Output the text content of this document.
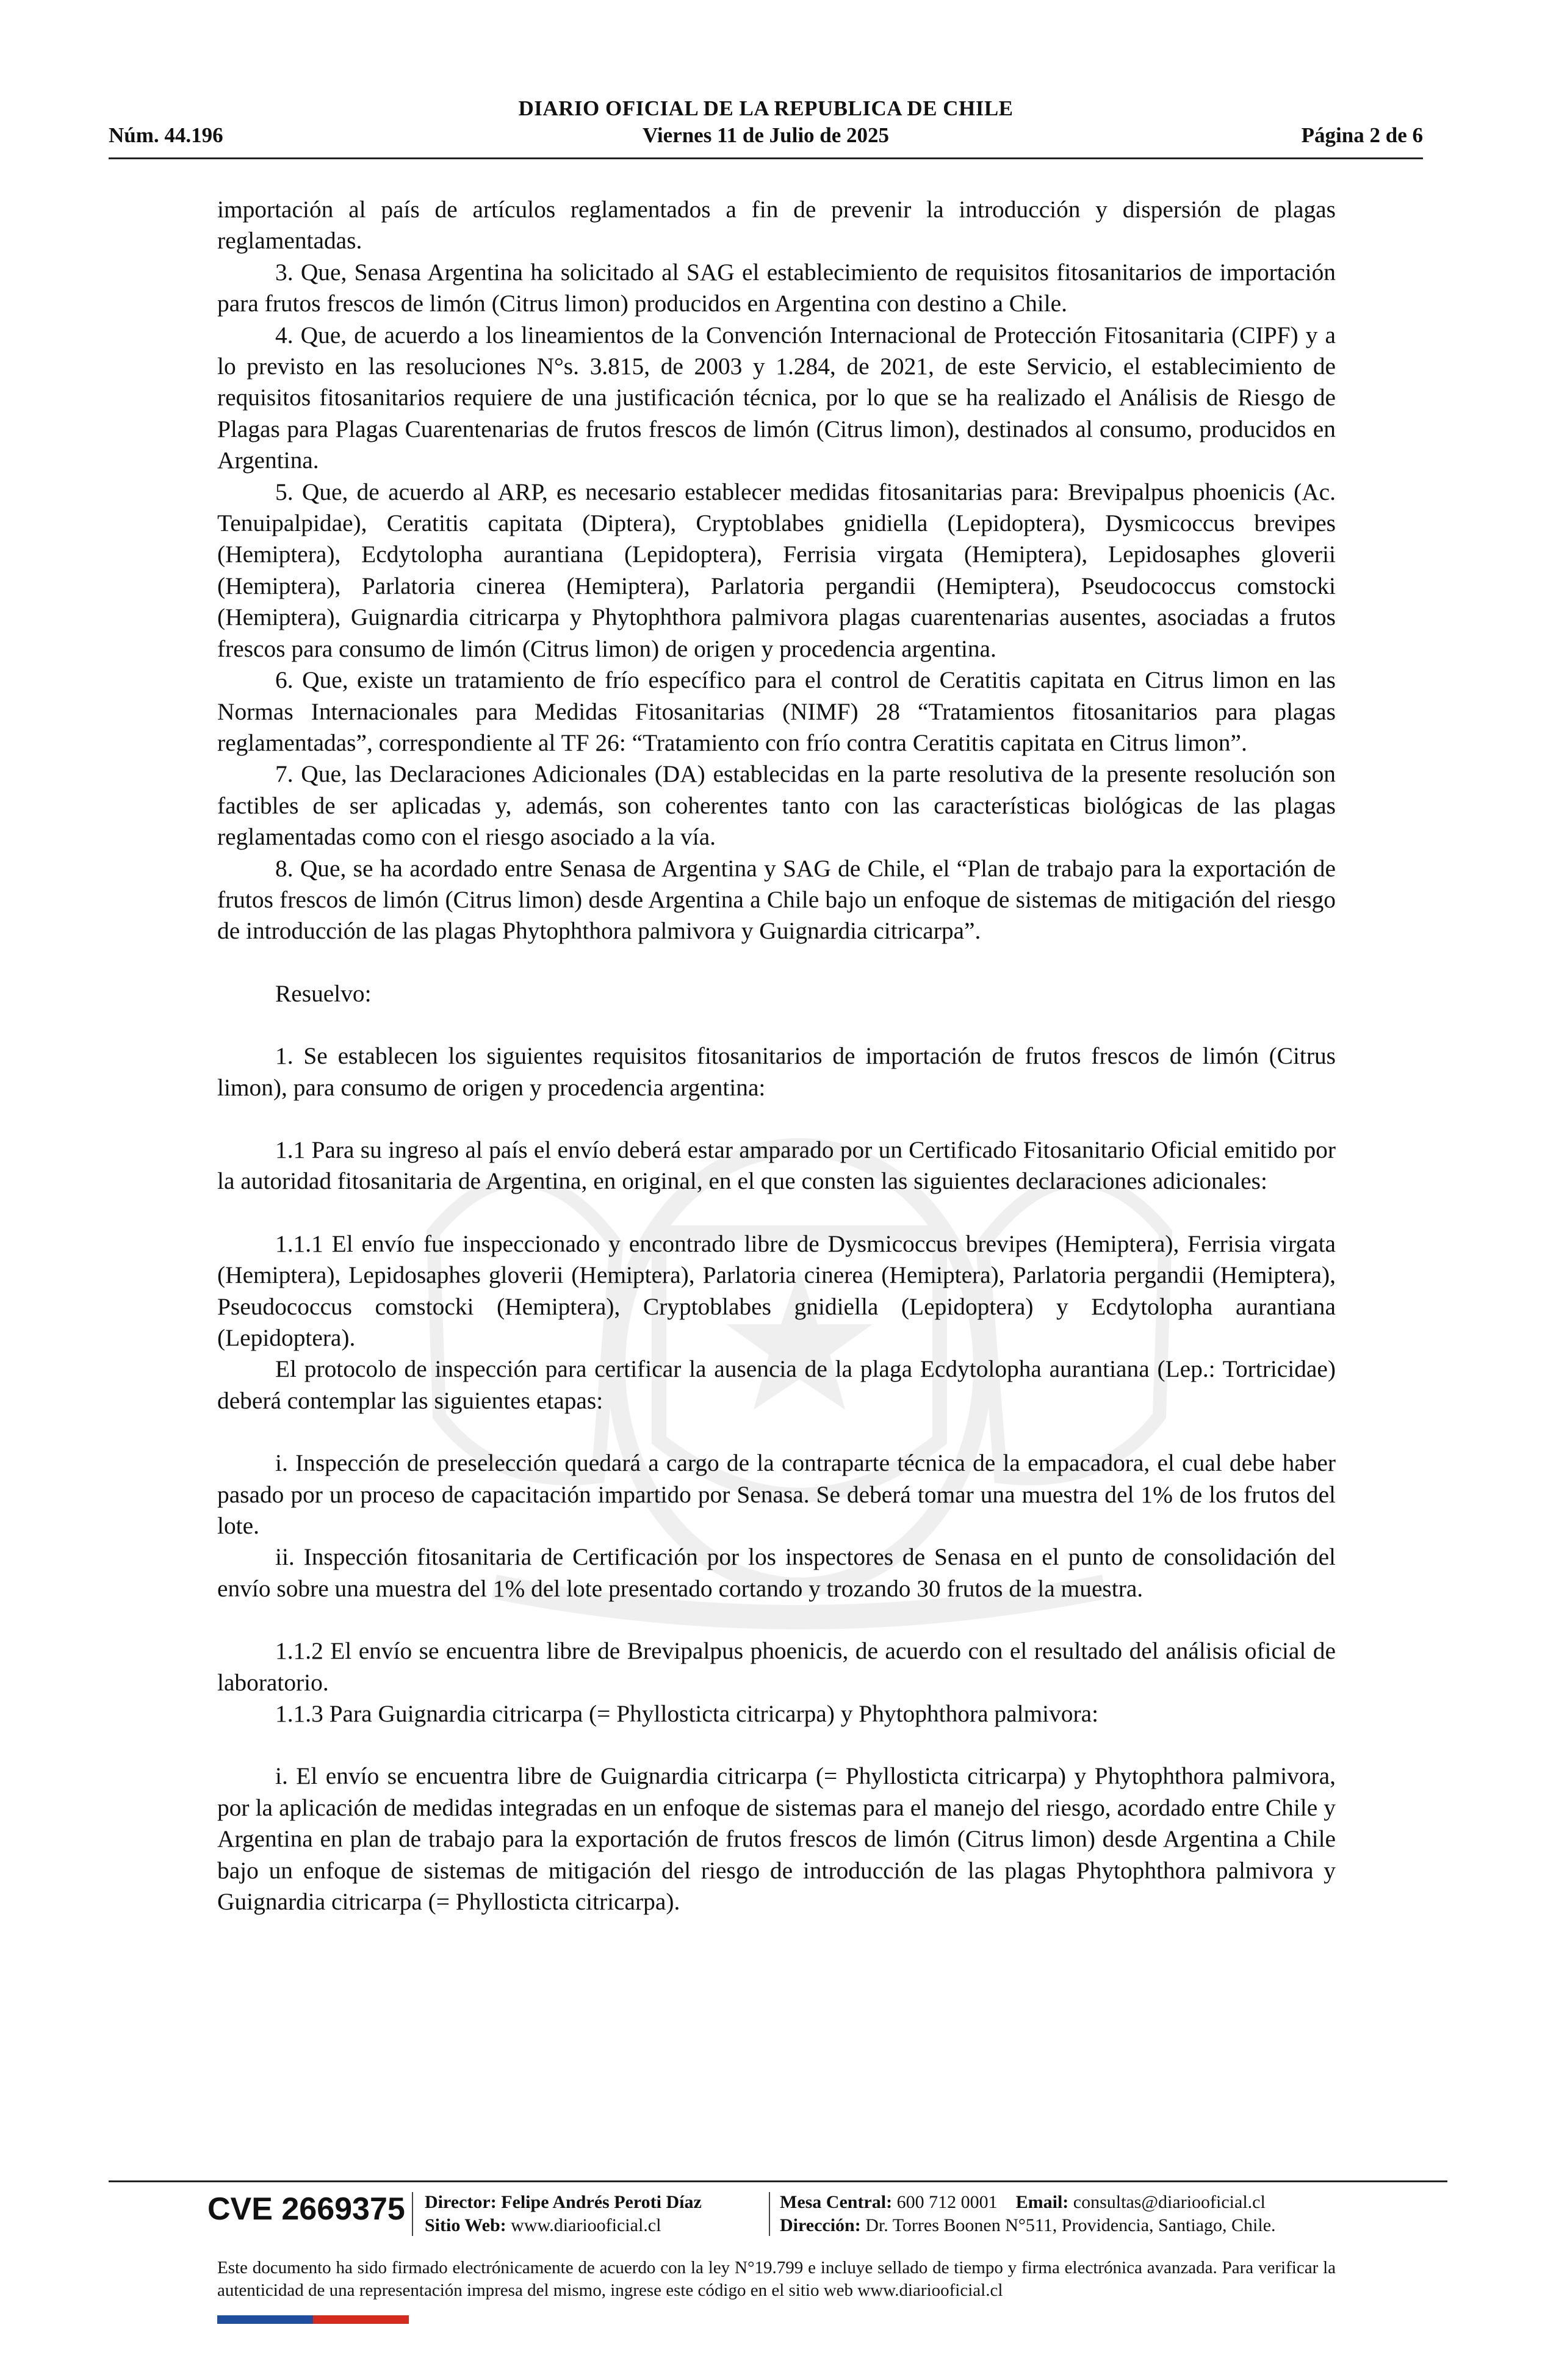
DIARIO OFICIAL DE LA REPUBLICA DE CHILE
Viernes 11 de Julio de 2025
Núm. 44.196	Página 2 de 6

importación al país de artículos reglamentados a fin de prevenir la introducción y dispersión de plagas reglamentadas.

3. Que, Senasa Argentina ha solicitado al SAG el establecimiento de requisitos fitosanitarios de importación para frutos frescos de limón (Citrus limon) producidos en Argentina con destino a Chile.

4. Que, de acuerdo a los lineamientos de la Convención Internacional de Protección Fitosanitaria (CIPF) y a lo previsto en las resoluciones N°s. 3.815, de 2003 y 1.284, de 2021, de este Servicio, el establecimiento de requisitos fitosanitarios requiere de una justificación técnica, por lo que se ha realizado el Análisis de Riesgo de Plagas para Plagas Cuarentenarias de frutos frescos de limón (Citrus limon), destinados al consumo, producidos en Argentina.

5. Que, de acuerdo al ARP, es necesario establecer medidas fitosanitarias para: Brevipalpus phoenicis (Ac. Tenuipalpidae), Ceratitis capitata (Diptera), Cryptoblabes gnidiella (Lepidoptera), Dysmicoccus brevipes (Hemiptera), Ecdytolopha aurantiana (Lepidoptera), Ferrisia virgata (Hemiptera), Lepidosaphes gloverii (Hemiptera), Parlatoria cinerea (Hemiptera), Parlatoria pergandii (Hemiptera), Pseudococcus comstocki (Hemiptera), Guignardia citricarpa y Phytophthora palmivora plagas cuarentenarias ausentes, asociadas a frutos frescos para consumo de limón (Citrus limon) de origen y procedencia argentina.

6. Que, existe un tratamiento de frío específico para el control de Ceratitis capitata en Citrus limon en las Normas Internacionales para Medidas Fitosanitarias (NIMF) 28 “Tratamientos fitosanitarios para plagas reglamentadas”, correspondiente al TF 26: “Tratamiento con frío contra Ceratitis capitata en Citrus limon”.

7. Que, las Declaraciones Adicionales (DA) establecidas en la parte resolutiva de la presente resolución son factibles de ser aplicadas y, además, son coherentes tanto con las características biológicas de las plagas reglamentadas como con el riesgo asociado a la vía.

8. Que, se ha acordado entre Senasa de Argentina y SAG de Chile, el “Plan de trabajo para la exportación de frutos frescos de limón (Citrus limon) desde Argentina a Chile bajo un enfoque de sistemas de mitigación del riesgo de introducción de las plagas Phytophthora palmivora y Guignardia citricarpa”.

Resuelvo:

1. Se establecen los siguientes requisitos fitosanitarios de importación de frutos frescos de limón (Citrus limon), para consumo de origen y procedencia argentina:

1.1 Para su ingreso al país el envío deberá estar amparado por un Certificado Fitosanitario Oficial emitido por la autoridad fitosanitaria de Argentina, en original, en el que consten las siguientes declaraciones adicionales:

1.1.1 El envío fue inspeccionado y encontrado libre de Dysmicoccus brevipes (Hemiptera), Ferrisia virgata (Hemiptera), Lepidosaphes gloverii (Hemiptera), Parlatoria cinerea (Hemiptera), Parlatoria pergandii (Hemiptera), Pseudococcus comstocki (Hemiptera), Cryptoblabes gnidiella (Lepidoptera) y Ecdytolopha aurantiana (Lepidoptera).

El protocolo de inspección para certificar la ausencia de la plaga Ecdytolopha aurantiana (Lep.: Tortricidae) deberá contemplar las siguientes etapas:

i. Inspección de preselección quedará a cargo de la contraparte técnica de la empacadora, el cual debe haber pasado por un proceso de capacitación impartido por Senasa. Se deberá tomar una muestra del 1% de los frutos del lote.

ii. Inspección fitosanitaria de Certificación por los inspectores de Senasa en el punto de consolidación del envío sobre una muestra del 1% del lote presentado cortando y trozando 30 frutos de la muestra.

1.1.2 El envío se encuentra libre de Brevipalpus phoenicis, de acuerdo con el resultado del análisis oficial de laboratorio.

1.1.3 Para Guignardia citricarpa (= Phyllosticta citricarpa) y Phytophthora palmivora:

i. El envío se encuentra libre de Guignardia citricarpa (= Phyllosticta citricarpa) y Phytophthora palmivora, por la aplicación de medidas integradas en un enfoque de sistemas para el manejo del riesgo, acordado entre Chile y Argentina en plan de trabajo para la exportación de frutos frescos de limón (Citrus limon) desde Argentina a Chile bajo un enfoque de sistemas de mitigación del riesgo de introducción de las plagas Phytophthora palmivora y Guignardia citricarpa (= Phyllosticta citricarpa).

CVE 2669375 Director: Felipe Andrés Peroti Díaz
Sitio Web: www.diariooficial.cl
Mesa Central: 600 712 0001 Email: consultas@diariooficial.cl
Dirección: Dr. Torres Boonen N°511, Providencia, Santiago, Chile.
Este documento ha sido firmado electrónicamente de acuerdo con la ley N°19.799 e incluye sellado de tiempo y firma electrónica avanzada. Para verificar la autenticidad de una representación impresa del mismo, ingrese este código en el sitio web www.diariooficial.cl
